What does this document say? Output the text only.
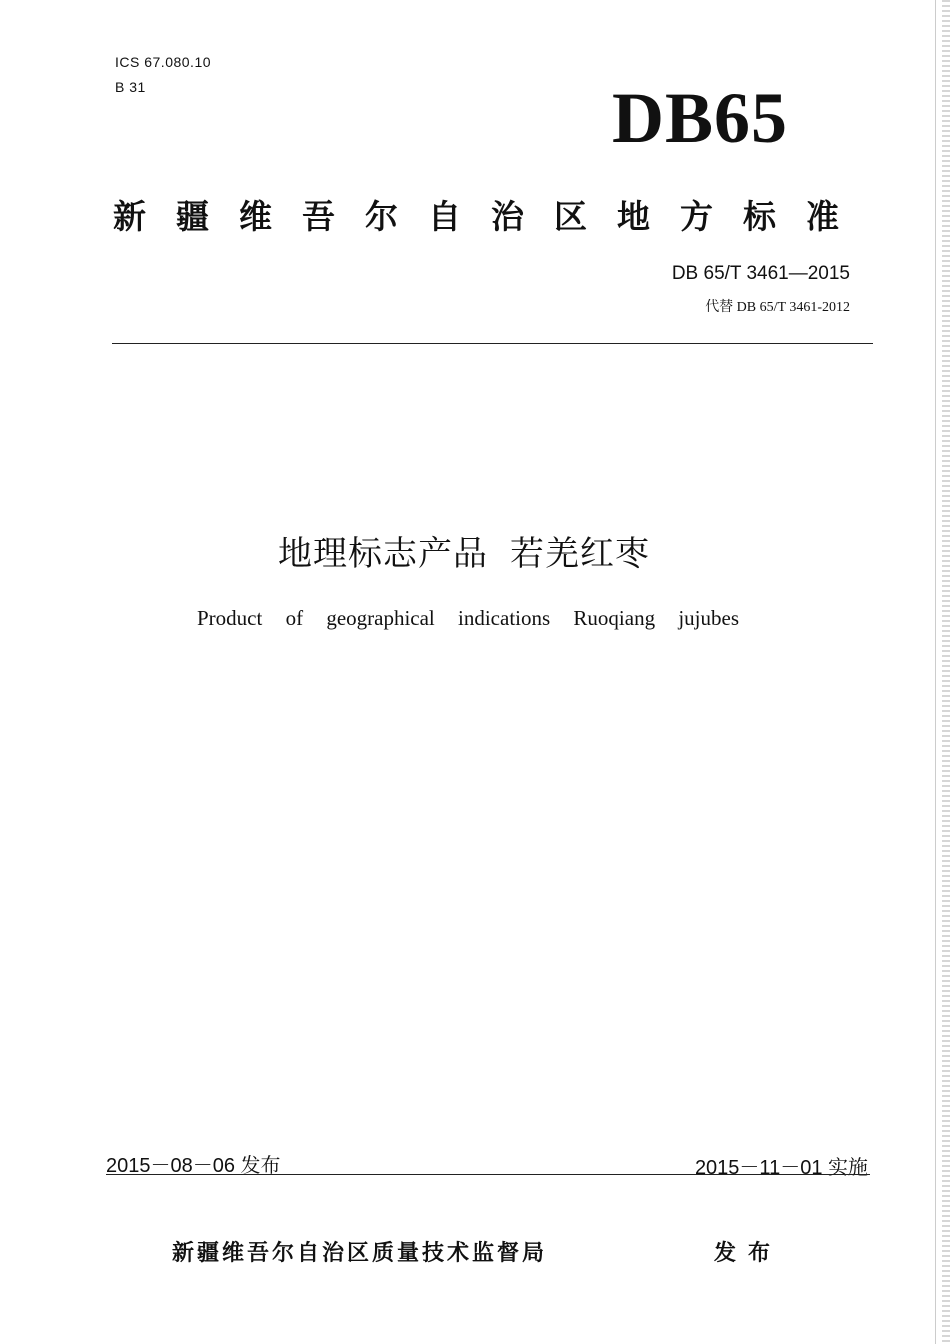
ICS 67.080.10
B 31	DB65
新疆维吾尔自治区地方标准
DB 65/T 3461—2015
代替 DB 65/T 3461-2012
地理标志产品 若羌红枣
Product of geographical indications Ruoqiang jujubes
2015－08－06 发布	2015－11－01 实施
新疆维吾尔自治区质量技术监督局	发布
